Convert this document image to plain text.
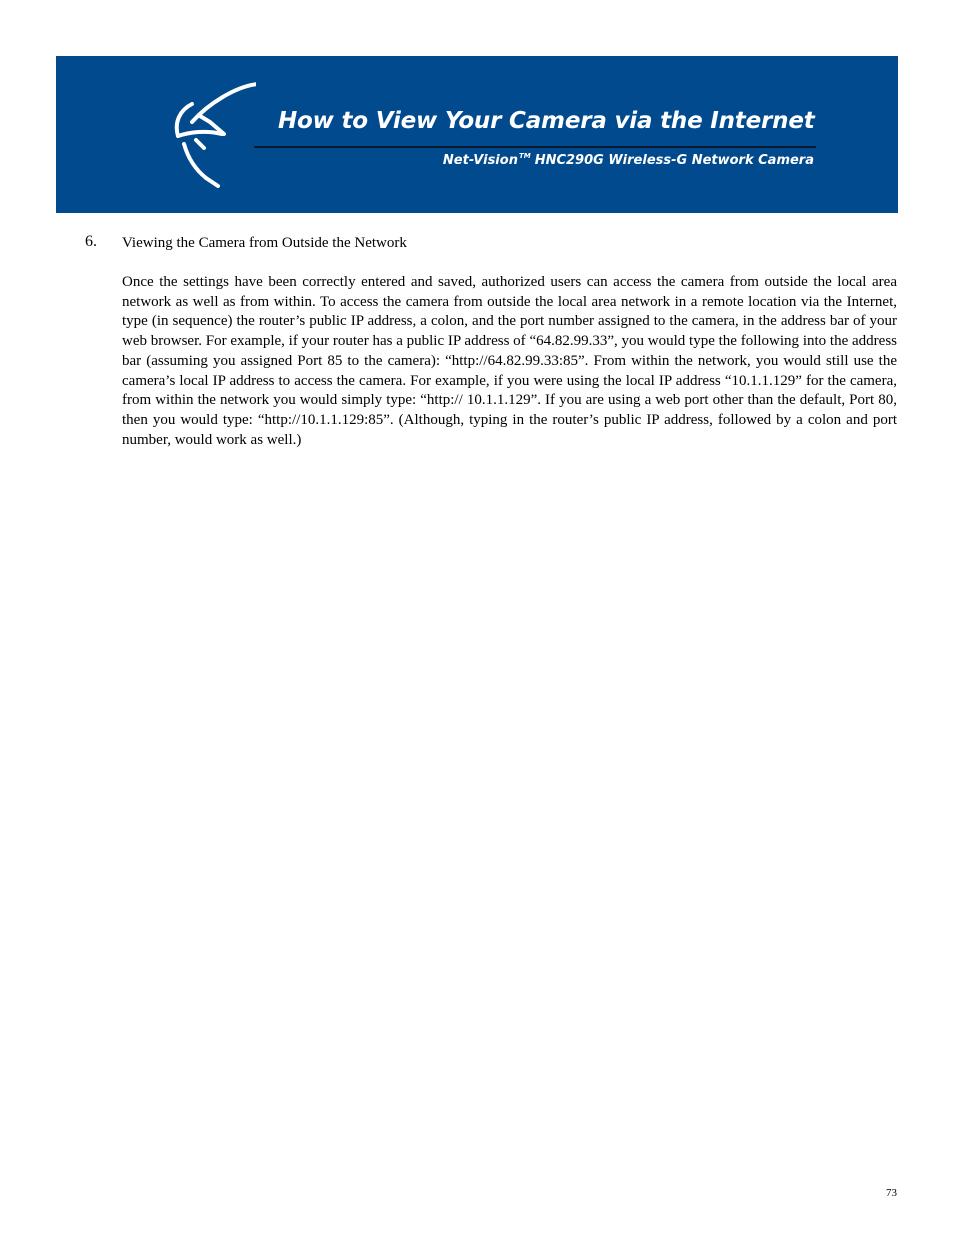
How to View Your Camera via the Internet
Net-Vision™ HNC290G Wireless-G Network Camera
6. Viewing the Camera from Outside the Network

Once the settings have been correctly entered and saved, authorized users can access the camera from outside the local area network as well as from within. To access the camera from outside the local area network in a remote location via the Internet, type (in sequence) the router’s public IP address, a colon, and the port number assigned to the camera, in the address bar of your web browser. For example, if your router has a public IP address of “64.82.99.33”, you would type the following into the address bar (assuming you assigned Port 85 to the camera): “http://64.82.99.33:85”. From within the network, you would still use the camera’s local IP address to access the camera. For example, if you were using the local IP address “10.1.1.129” for the camera, from within the network you would simply type: “http:// 10.1.1.129”. If you are using a web port other than the default, Port 80, then you would type: “http://10.1.1.129:85”. (Although, typing in the router’s public IP address, followed by a colon and port number, would work as well.)

73
